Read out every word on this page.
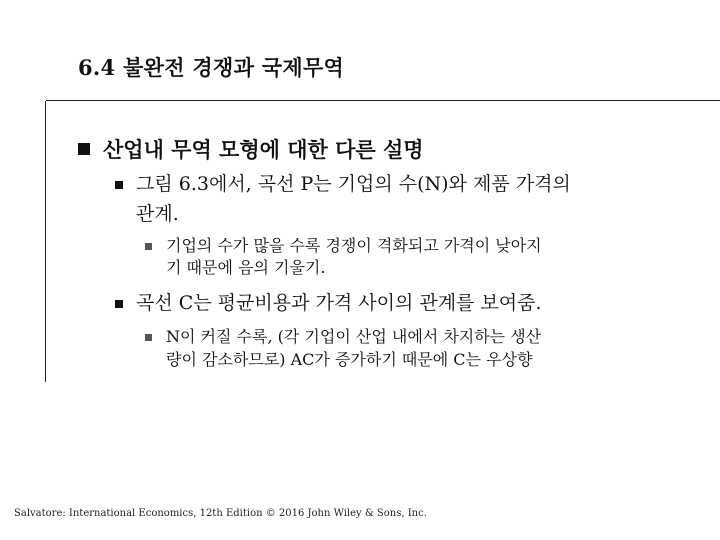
6.4 불완전 경쟁과 국제무역
산업내 무역 모형에 대한 다른 설명
그림 6.3에서, 곡선 P는 기업의 수(N)와 제품 가격의
관계.
기업의 수가 많을 수록 경쟁이 격화되고 가격이 낮아지
기 때문에 음의 기울기.
곡선 C는 평균비용과 가격 사이의 관계를 보여줌.
N이 커질 수록, (각 기업이 산업 내에서 차지하는 생산
량이 감소하므로) AC가 증가하기 때문에 C는 우상향
Salvatore: International Economics, 12th Edition © 2016 John Wiley & Sons, Inc.
